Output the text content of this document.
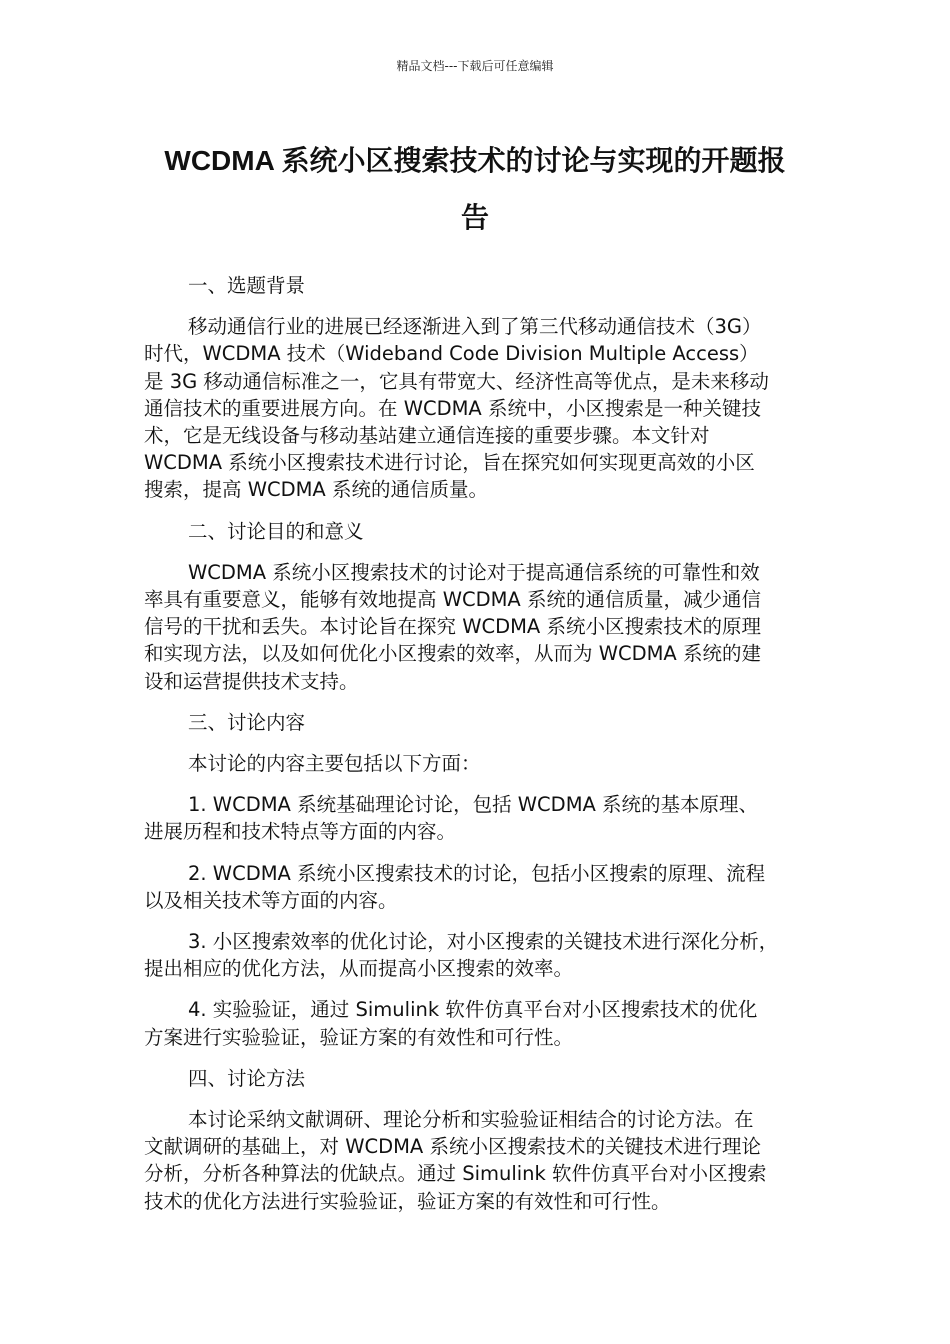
精品文档---下载后可任意编辑
WCDMA 系统小区搜索技术的讨论与实现的开题报
告

一、选题背景

移动通信行业的进展已经逐渐进入到了第三代移动通信技术（3G）
时代，WCDMA 技术（Wideband Code Division Multiple Access）
是 3G 移动通信标准之一，它具有带宽大、经济性高等优点，是未来移动
通信技术的重要进展方向。在 WCDMA 系统中，小区搜索是一种关键技
术，它是无线设备与移动基站建立通信连接的重要步骤。本文针对
WCDMA 系统小区搜索技术进行讨论，旨在探究如何实现更高效的小区
搜索，提高 WCDMA 系统的通信质量。

二、讨论目的和意义

WCDMA 系统小区搜索技术的讨论对于提高通信系统的可靠性和效
率具有重要意义，能够有效地提高 WCDMA 系统的通信质量，减少通信
信号的干扰和丢失。本讨论旨在探究 WCDMA 系统小区搜索技术的原理
和实现方法，以及如何优化小区搜索的效率，从而为 WCDMA 系统的建
设和运营提供技术支持。

三、讨论内容

本讨论的内容主要包括以下方面：

1. WCDMA 系统基础理论讨论，包括 WCDMA 系统的基本原理、
进展历程和技术特点等方面的内容。

2. WCDMA 系统小区搜索技术的讨论，包括小区搜索的原理、流程
以及相关技术等方面的内容。

3. 小区搜索效率的优化讨论，对小区搜索的关键技术进行深化分析，
提出相应的优化方法，从而提高小区搜索的效率。

4. 实验验证，通过 Simulink 软件仿真平台对小区搜索技术的优化
方案进行实验验证，验证方案的有效性和可行性。

四、讨论方法

本讨论采纳文献调研、理论分析和实验验证相结合的讨论方法。在
文献调研的基础上，对 WCDMA 系统小区搜索技术的关键技术进行理论
分析，分析各种算法的优缺点。通过 Simulink 软件仿真平台对小区搜索
技术的优化方法进行实验验证，验证方案的有效性和可行性。
